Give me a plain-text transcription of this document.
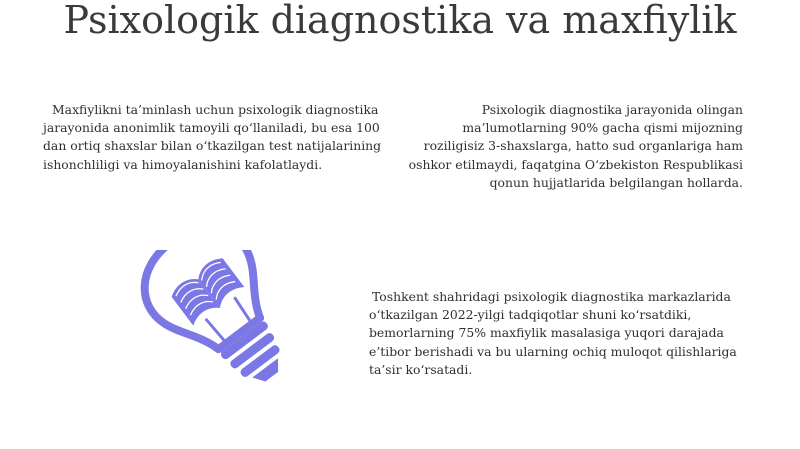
Psixologik diagnostika va maxfiylik

Maxfiylikni ta’minlash uchun psixologik diagnostika jarayonida anonimlik tamoyili qo‘llaniladi, bu esa 100 dan ortiq shaxslar bilan o‘tkazilgan test natijalarining ishonchliligi va himoyalanishini kafolatlaydi.

Psixologik diagnostika jarayonida olingan ma’lumotlarning 90% gacha qismi mijozning roziligisiz 3-shaxslarga, hatto sud organlariga ham oshkor etilmaydi, faqatgina O‘zbekiston Respublikasi qonun hujjatlarida belgilangan hollarda.

Toshkent shahridagi psixologik diagnostika markazlarida o‘tkazilgan 2022-yilgi tadqiqotlar shuni ko‘rsatdiki, bemorlarning 75% maxfiylik masalasiga yuqori darajada e’tibor berishadi va bu ularning ochiq muloqot qilishlariga ta’sir ko‘rsatadi.
